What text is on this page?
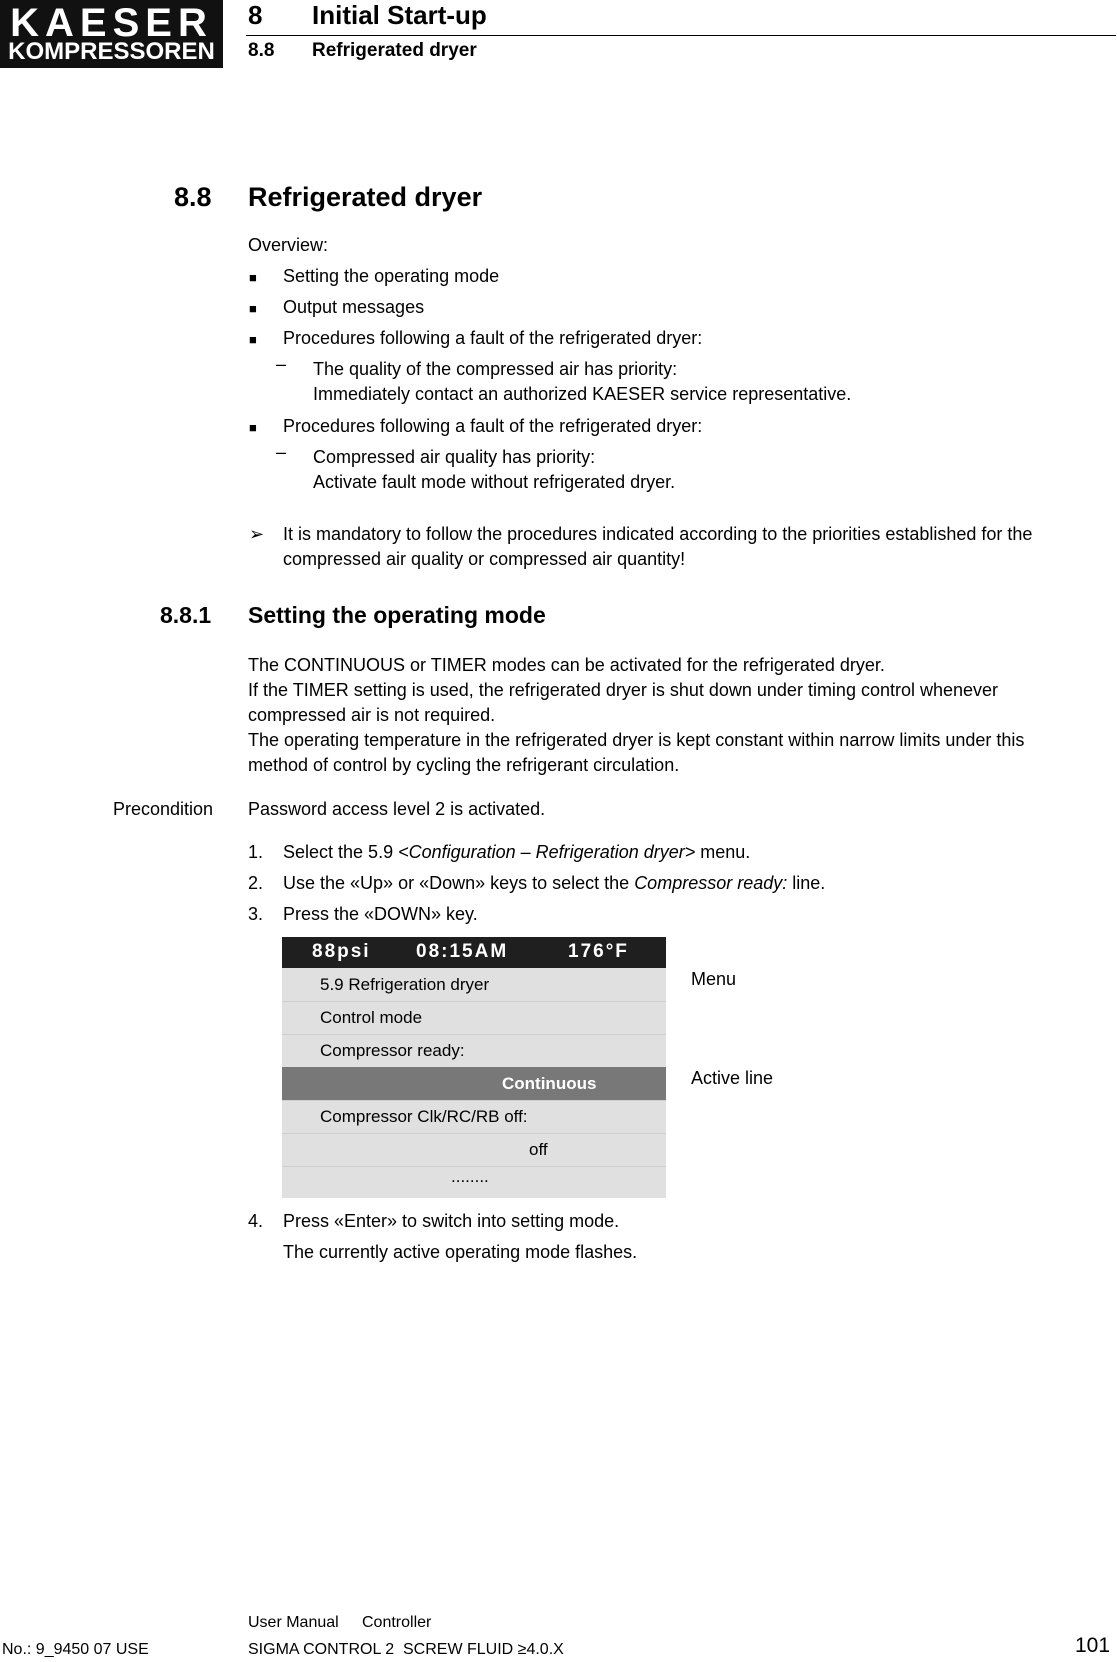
KAESER
KOMPRESSOREN
8 Initial Start-up
8.8 Refrigerated dryer
8.8 Refrigerated dryer
Overview:
■ Setting the operating mode
■ Output messages
■ Procedures following a fault of the refrigerated dryer:
– The quality of the compressed air has priority:
Immediately contact an authorized KAESER service representative.
■ Procedures following a fault of the refrigerated dryer:
– Compressed air quality has priority:
Activate fault mode without refrigerated dryer.
➢ It is mandatory to follow the procedures indicated according to the priorities established for the
compressed air quality or compressed air quantity!
8.8.1 Setting the operating mode
The CONTINUOUS or TIMER modes can be activated for the refrigerated dryer.
If the TIMER setting is used, the refrigerated dryer is shut down under timing control whenever
compressed air is not required.
The operating temperature in the refrigerated dryer is kept constant within narrow limits under this
method of control by cycling the refrigerant circulation.
Precondition Password access level 2 is activated.
1. Select the 5.9 <Configuration – Refrigeration dryer> menu.
2. Use the «Up» or «Down» keys to select the Compressor ready: line.
3. Press the «DOWN» key.
88psi 08:15AM	176°F
5.9 Refrigeration dryer
Control mode
Compressor ready:
Continuous
Compressor Clk/RC/RB off:
off
........
Menu
Active line
4. Press «Enter» to switch into setting mode.
The currently active operating mode flashes.
User Manual Controller
No.: 9_9450 07 USE	SIGMA CONTROL 2  SCREW FLUID ≥4.0.X	101
